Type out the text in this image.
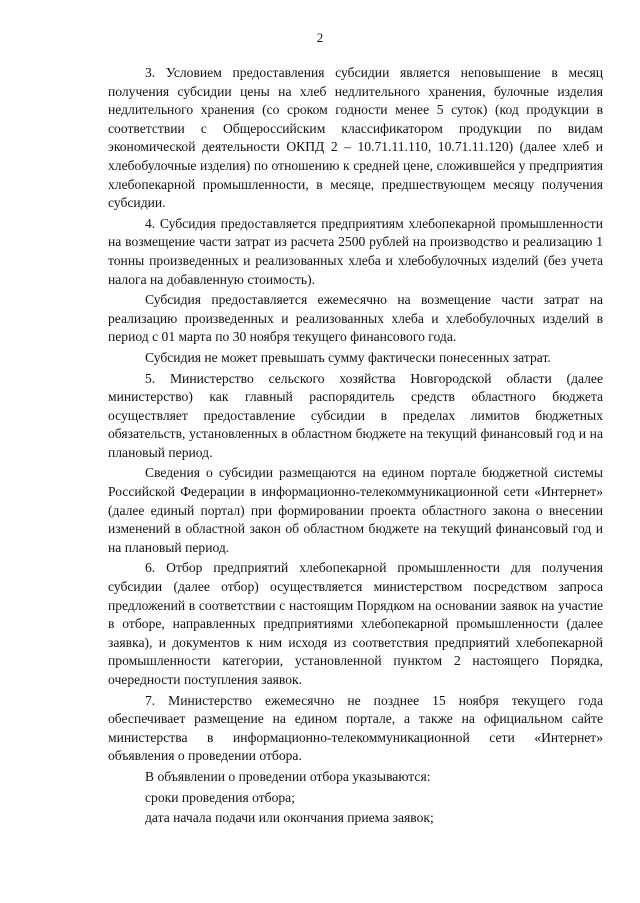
2

3. Условием предоставления субсидии является неповышение в месяц получения субсидии цены на хлеб недлительного хранения, булочные изделия недлительного хранения (со сроком годности менее 5 суток) (код продукции в соответствии с Общероссийским классификатором продукции по видам экономической деятельности ОКПД 2 – 10.71.11.110, 10.71.11.120) (далее хлеб и хлебобулочные изделия) по отношению к средней цене, сложившейся у предприятия хлебопекарной промышленности, в месяце, предшествующем месяцу получения субсидии.

4. Субсидия предоставляется предприятиям хлебопекарной промышленности на возмещение части затрат из расчета 2500 рублей на производство и реализацию 1 тонны произведенных и реализованных хлеба и хлебобулочных изделий (без учета налога на добавленную стоимость).

Субсидия предоставляется ежемесячно на возмещение части затрат на реализацию произведенных и реализованных хлеба и хлебобулочных изделий в период с 01 марта по 30 ноября текущего финансового года.

Субсидия не может превышать сумму фактически понесенных затрат.

5. Министерство сельского хозяйства Новгородской области (далее министерство) как главный распорядитель средств областного бюджета осуществляет предоставление субсидии в пределах лимитов бюджетных обязательств, установленных в областном бюджете на текущий финансовый год и на плановый период.

Сведения о субсидии размещаются на едином портале бюджетной системы Российской Федерации в информационно-телекоммуникационной сети «Интернет» (далее единый портал) при формировании проекта областного закона о внесении изменений в областной закон об областном бюджете на текущий финансовый год и на плановый период.

6. Отбор предприятий хлебопекарной промышленности для получения субсидии (далее отбор) осуществляется министерством посредством запроса предложений в соответствии с настоящим Порядком на основании заявок на участие в отборе, направленных предприятиями хлебопекарной промышленности (далее заявка), и документов к ним исходя из соответствия предприятий хлебопекарной промышленности категории, установленной пунктом 2 настоящего Порядка, очередности поступления заявок.

7. Министерство ежемесячно не позднее 15 ноября текущего года обеспечивает размещение на едином портале, а также на официальном сайте министерства в информационно-телекоммуникационной сети «Интернет» объявления о проведении отбора.

В объявлении о проведении отбора указываются:

сроки проведения отбора;

дата начала подачи или окончания приема заявок;
